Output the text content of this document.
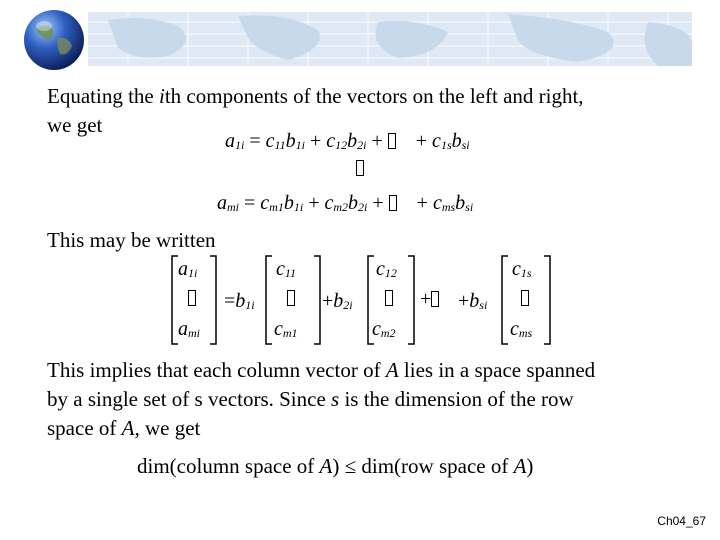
Equating the ith components of the vectors on the left and right,
we get
$a_{1i} = c_{11}b_{1i} + c_{12}b_{2i}$ +     + $c_{1s}b_{si}$
$a_{mi} = c_{m1}b_{1i} + c_{m2}b_{2i}$ +     + $c_{ms}b_{si}$
This may be written
$a_{1i}$
$a_{mi}$
$=b_{1i}$
$c_{11}$
$c_{m1}$
$+b_{2i}$
$c_{12}$
$c_{m2}$
+	$+b_{si}$
$c_{1s}$
$c_{ms}$
This implies that each column vector of A lies in a space spanned
by a single set of s vectors. Since s is the dimension of the row
space of A, we get
dim(column space of A) ≤ dim(row space of A)
Ch04_67
